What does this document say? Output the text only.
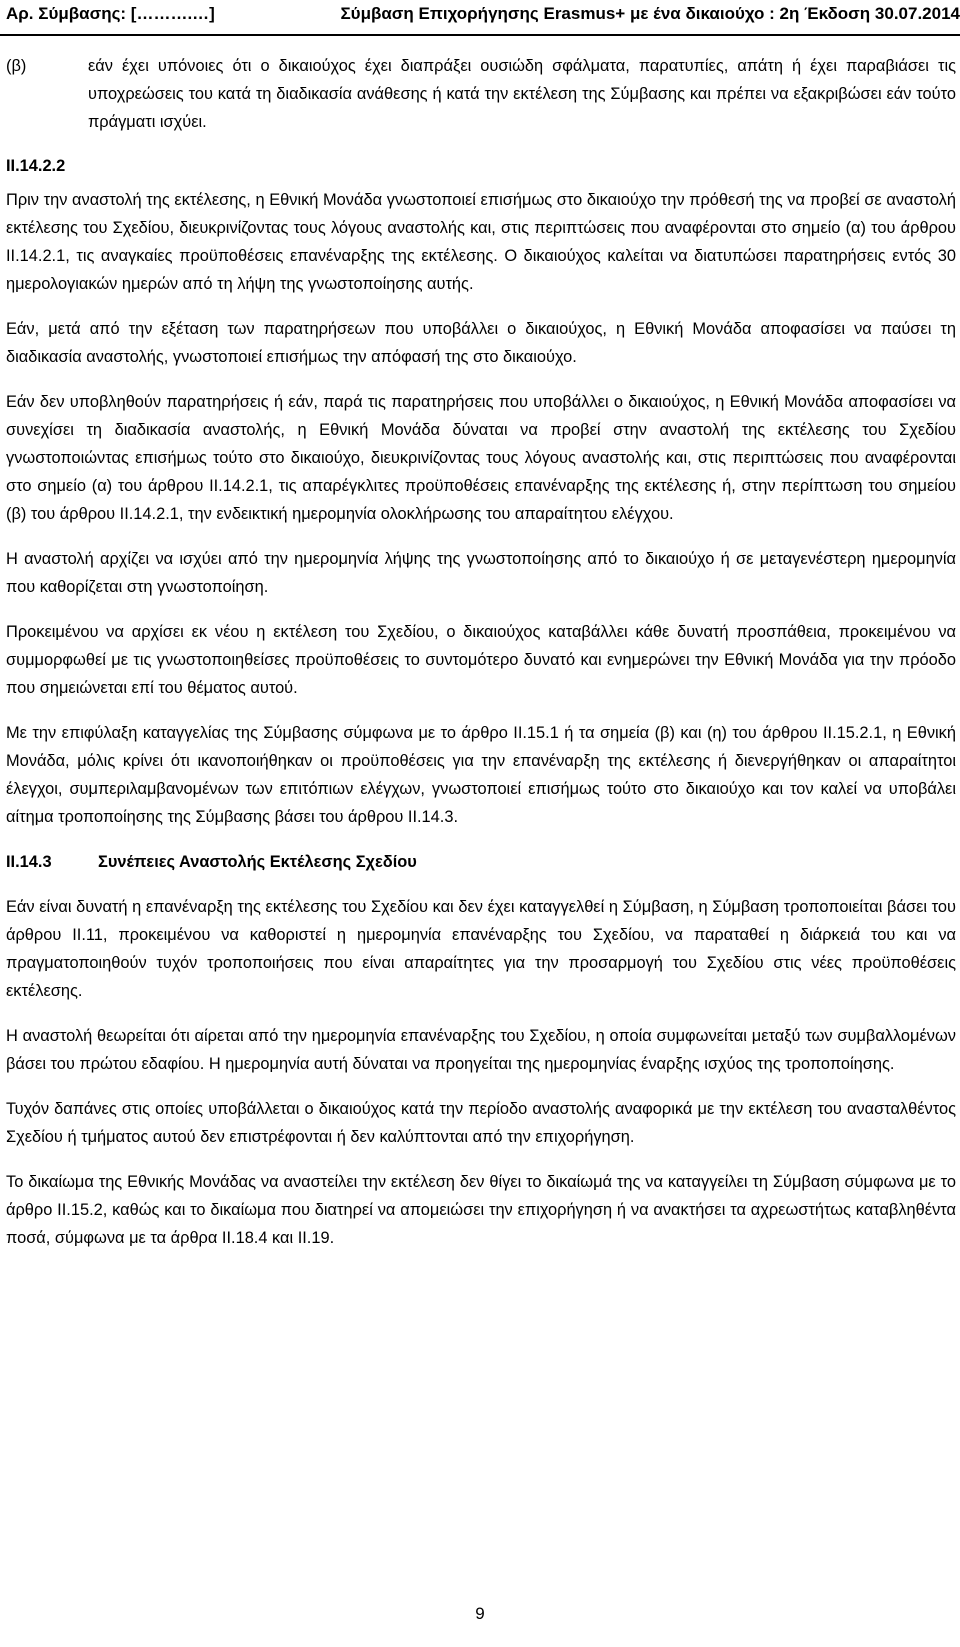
Αρ. Σύμβασης: [……….…]	Σύμβαση Επιχορήγησης Erasmus+ με ένα δικαιούχο : 2η Έκδοση 30.07.2014
(β)	εάν έχει υπόνοιες ότι ο δικαιούχος έχει διαπράξει ουσιώδη σφάλματα, παρατυπίες, απάτη ή έχει παραβιάσει τις υποχρεώσεις του κατά τη διαδικασία ανάθεσης ή κατά την εκτέλεση της Σύμβασης και πρέπει να εξακριβώσει εάν τούτο πράγματι ισχύει.
II.14.2.2

Πριν την αναστολή της εκτέλεσης, η Εθνική Μονάδα γνωστοποιεί επισήμως στο δικαιούχο την πρόθεσή της να προβεί σε αναστολή εκτέλεσης του Σχεδίου, διευκρινίζοντας τους λόγους αναστολής και, στις περιπτώσεις που αναφέρονται στο σημείο (α) του άρθρου II.14.2.1, τις αναγκαίες προϋποθέσεις επανέναρξης της εκτέλεσης. Ο δικαιούχος καλείται να διατυπώσει παρατηρήσεις εντός 30 ημερολογιακών ημερών από τη λήψη της γνωστοποίησης αυτής.

Εάν, μετά από την εξέταση των παρατηρήσεων που υποβάλλει ο δικαιούχος, η Εθνική Μονάδα αποφασίσει να παύσει τη διαδικασία αναστολής, γνωστοποιεί επισήμως την απόφασή της στο δικαιούχο.

Εάν δεν υποβληθούν παρατηρήσεις ή εάν, παρά τις παρατηρήσεις που υποβάλλει ο δικαιούχος, η Εθνική Μονάδα αποφασίσει να συνεχίσει τη διαδικασία αναστολής, η Εθνική Μονάδα δύναται να προβεί στην αναστολή της εκτέλεσης του Σχεδίου γνωστοποιώντας επισήμως τούτο στο δικαιούχο, διευκρινίζοντας τους λόγους αναστολής και, στις περιπτώσεις που αναφέρονται στο σημείο (α) του άρθρου II.14.2.1, τις απαρέγκλιτες προϋποθέσεις επανέναρξης της εκτέλεσης ή, στην περίπτωση του σημείου (β) του άρθρου II.14.2.1, την ενδεικτική ημερομηνία ολοκλήρωσης του απαραίτητου ελέγχου.

Η αναστολή αρχίζει να ισχύει από την ημερομηνία λήψης της γνωστοποίησης από το δικαιούχο ή σε μεταγενέστερη ημερομηνία που καθορίζεται στη γνωστοποίηση.

Προκειμένου να αρχίσει εκ νέου η εκτέλεση του Σχεδίου, ο δικαιούχος καταβάλλει κάθε δυνατή προσπάθεια, προκειμένου να συμμορφωθεί με τις γνωστοποιηθείσες προϋποθέσεις το συντομότερο δυνατό και ενημερώνει την Εθνική Μονάδα για την πρόοδο που σημειώνεται επί του θέματος αυτού.

Με την επιφύλαξη καταγγελίας της Σύμβασης σύμφωνα με το άρθρο II.15.1 ή τα σημεία (β) και (η) του άρθρου II.15.2.1, η Εθνική Μονάδα, μόλις κρίνει ότι ικανοποιήθηκαν οι προϋποθέσεις για την επανέναρξη της εκτέλεσης ή διενεργήθηκαν οι απαραίτητοι έλεγχοι, συμπεριλαμβανομένων των επιτόπιων ελέγχων, γνωστοποιεί επισήμως τούτο στο δικαιούχο και τον καλεί να υποβάλει αίτημα τροποποίησης της Σύμβασης βάσει του άρθρου II.14.3.

II.14.3	Συνέπειες Αναστολής Εκτέλεσης Σχεδίου

Εάν είναι δυνατή η επανέναρξη της εκτέλεσης του Σχεδίου και δεν έχει καταγγελθεί η Σύμβαση, η Σύμβαση τροποποιείται βάσει του άρθρου II.11, προκειμένου να καθοριστεί η ημερομηνία επανέναρξης του Σχεδίου, να παραταθεί η διάρκειά του και να πραγματοποιηθούν τυχόν τροποποιήσεις που είναι απαραίτητες για την προσαρμογή του Σχεδίου στις νέες προϋποθέσεις εκτέλεσης.

Η αναστολή θεωρείται ότι αίρεται από την ημερομηνία επανέναρξης του Σχεδίου, η οποία συμφωνείται μεταξύ των συμβαλλομένων βάσει του πρώτου εδαφίου. Η ημερομηνία αυτή δύναται να προηγείται της ημερομηνίας έναρξης ισχύος της τροποποίησης.

Τυχόν δαπάνες στις οποίες υποβάλλεται ο δικαιούχος κατά την περίοδο αναστολής αναφορικά με την εκτέλεση του ανασταλθέντος Σχεδίου ή τμήματος αυτού δεν επιστρέφονται ή δεν καλύπτονται από την επιχορήγηση.

Το δικαίωμα της Εθνικής Μονάδας να αναστείλει την εκτέλεση δεν θίγει το δικαίωμά της να καταγγείλει τη Σύμβαση σύμφωνα με το άρθρο II.15.2, καθώς και το δικαίωμα που διατηρεί να απομειώσει την επιχορήγηση ή να ανακτήσει τα αχρεωστήτως καταβληθέντα ποσά, σύμφωνα με τα άρθρα II.18.4 και II.19.

9
